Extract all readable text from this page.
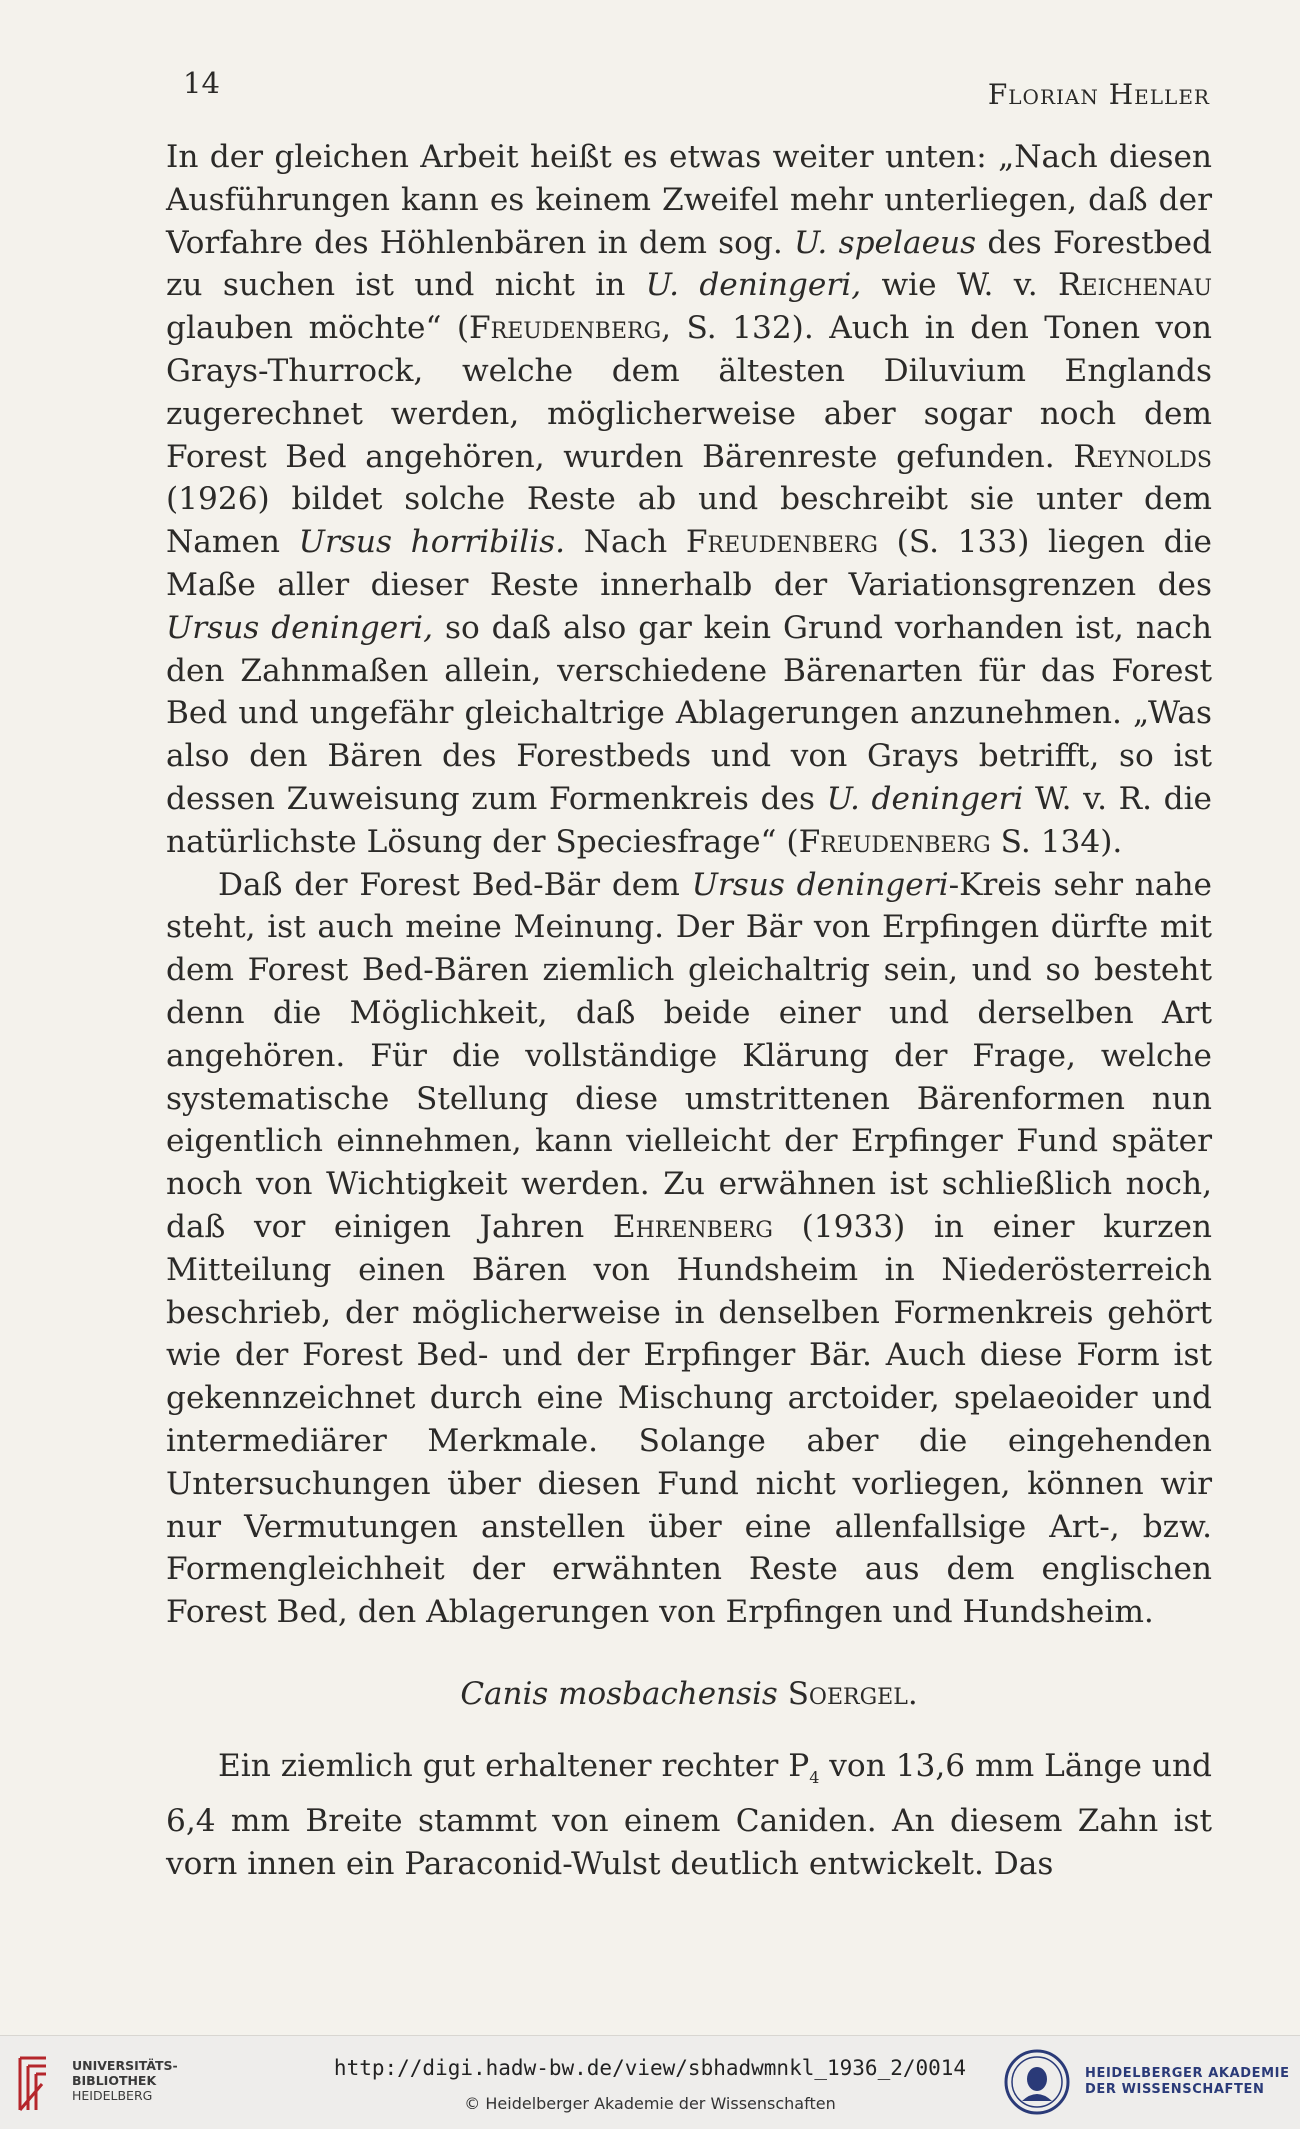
14	Florian Heller

In der gleichen Arbeit heißt es etwas weiter unten: „Nach diesen Ausführungen kann es keinem Zweifel mehr unterliegen, daß der Vorfahre des Höhlenbären in dem sog. U. spelaeus des Forestbed zu suchen ist und nicht in U. deningeri, wie W. v. Reichenau glauben möchte“ (Freudenberg, S. 132). Auch in den Tonen von Grays-Thurrock, welche dem ältesten Diluvium Englands zugerechnet werden, möglicherweise aber sogar noch dem Forest Bed angehören, wurden Bärenreste gefunden. Reynolds (1926) bildet solche Reste ab und beschreibt sie unter dem Namen Ursus horribilis. Nach Freudenberg (S. 133) liegen die Maße aller dieser Reste innerhalb der Variationsgrenzen des Ursus deningeri, so daß also gar kein Grund vorhanden ist, nach den Zahnmaßen allein, verschiedene Bärenarten für das Forest Bed und ungefähr gleichaltrige Ablagerungen anzunehmen. „Was also den Bären des Forestbeds und von Grays betrifft, so ist dessen Zuweisung zum Formenkreis des U. deningeri W. v. R. die natürlichste Lösung der Speciesfrage“ (Freudenberg S. 134).

Daß der Forest Bed-Bär dem Ursus deningeri-Kreis sehr nahe steht, ist auch meine Meinung. Der Bär von Erpfingen dürfte mit dem Forest Bed-Bären ziemlich gleichaltrig sein, und so besteht denn die Möglichkeit, daß beide einer und derselben Art angehören. Für die vollständige Klärung der Frage, welche systematische Stellung diese umstrittenen Bärenformen nun eigentlich einnehmen, kann vielleicht der Erpfinger Fund später noch von Wichtigkeit werden. Zu erwähnen ist schließlich noch, daß vor einigen Jahren Ehrenberg (1933) in einer kurzen Mitteilung einen Bären von Hundsheim in Niederösterreich beschrieb, der möglicherweise in denselben Formenkreis gehört wie der Forest Bed- und der Erpfinger Bär. Auch diese Form ist gekennzeichnet durch eine Mischung arctoider, spelaeoider und intermediärer Merkmale. Solange aber die eingehenden Untersuchungen über diesen Fund nicht vorliegen, können wir nur Vermutungen anstellen über eine allenfallsige Art-, bzw. Formengleichheit der erwähnten Reste aus dem englischen Forest Bed, den Ablagerungen von Erpfingen und Hundsheim.

Canis mosbachensis Soergel.

Ein ziemlich gut erhaltener rechter $P_4$ von 13,6 mm Länge und 6,4 mm Breite stammt von einem Caniden. An diesem Zahn ist vorn innen ein Paraconid-Wulst deutlich entwickelt. Das

UNIVERSITÄTS-
BIBLIOTHEK
HEIDELBERG
http://digi.hadw-bw.de/view/sbhadwmnkl_1936_2/0014
© Heidelberger Akademie der Wissenschaften
HEIDELBERGER AKADEMIE
DER WISSENSCHAFTEN
